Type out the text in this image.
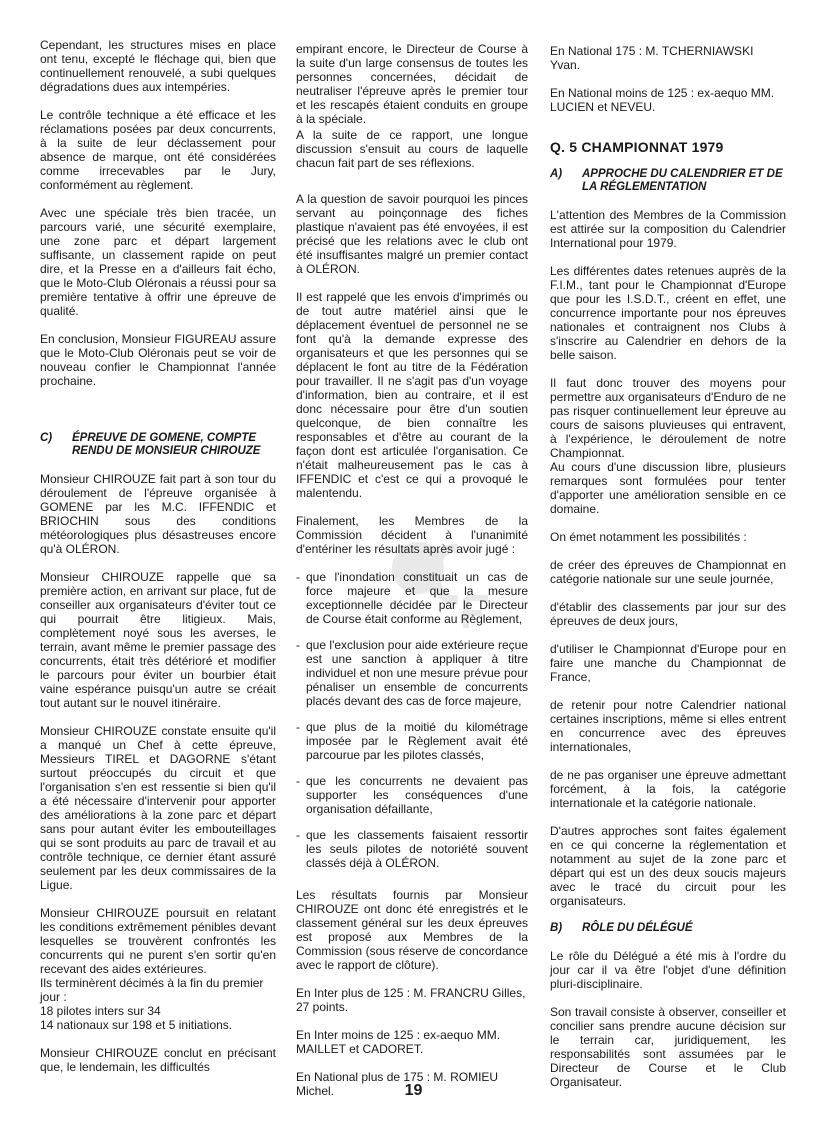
Cependant, les structures mises en place ont tenu, excepté le fléchage qui, bien que continuellement renouvelé, a subi quelques dégradations dues aux intempéries.

Le contrôle technique a été efficace et les réclamations posées par deux concurrents, à la suite de leur déclassement pour absence de marque, ont été considérées comme irrecevables par le Jury, conformément au règlement.

Avec une spéciale très bien tracée, un parcours varié, une sécurité exemplaire, une zone parc et départ largement suffisante, un classement rapide on peut dire, et la Presse en a d'ailleurs fait écho, que le Moto-Club Oléronais a réussi pour sa première tentative à offrir une épreuve de qualité.

En conclusion, Monsieur FIGUREAU assure que le Moto-Club Oléronais peut se voir de nouveau confier le Championnat l'année prochaine.

C)	ÉPREUVE DE GOMENE, COMPTE RENDU DE MONSIEUR CHIROUZE

Monsieur CHIROUZE fait part à son tour du déroulement de l'épreuve organisée à GOMENE par les M.C. IFFENDIC et BRIOCHIN sous des conditions météorologiques plus désastreuses encore qu'à OLÉRON.

Monsieur CHIROUZE rappelle que sa première action, en arrivant sur place, fut de conseiller aux organisateurs d'éviter tout ce qui pourrait être litigieux. Mais, complètement noyé sous les averses, le terrain, avant même le premier passage des concurrents, était très détérioré et modifier le parcours pour éviter un bourbier était vaine espérance puisqu'un autre se créait tout autant sur le nouvel itinéraire.

Monsieur CHIROUZE constate ensuite qu'il a manqué un Chef à cette épreuve, Messieurs TIREL et DAGORNE s'étant surtout préoccupés du circuit et que l'organisation s'en est ressentie si bien qu'il a été nécessaire d'intervenir pour apporter des améliorations à la zone parc et départ sans pour autant éviter les embouteillages qui se sont produits au parc de travail et au contrôle technique, ce dernier étant assuré seulement par les deux commissaires de la Ligue.

Monsieur CHIROUZE poursuit en relatant les conditions extrêmement pénibles devant lesquelles se trouvèrent confrontés les concurrents qui ne purent s'en sortir qu'en recevant des aides extérieures.

Ils terminèrent décimés à la fin du premier jour :

18 pilotes inters sur 34

14 nationaux sur 198 et 5 initiations.

Monsieur CHIROUZE conclut en précisant que, le lendemain, les difficultés

empirant encore, le Directeur de Course à la suite d'un large consensus de toutes les personnes concernées, décidait de neutraliser l'épreuve après le premier tour et les rescapés étaient conduits en groupe à la spéciale.

A la suite de ce rapport, une longue discussion s'ensuit au cours de laquelle chacun fait part de ses réflexions.

A la question de savoir pourquoi les pinces servant au poinçonnage des fiches plastique n'avaient pas été envoyées, il est précisé que les relations avec le club ont été insuffisantes malgré un premier contact à OLÉRON.

Il est rappelé que les envois d'imprimés ou de tout autre matériel ainsi que le déplacement éventuel de personnel ne se font qu'à la demande expresse des organisateurs et que les personnes qui se déplacent le font au titre de la Fédération pour travailler. Il ne s'agit pas d'un voyage d'information, bien au contraire, et il est donc nécessaire pour être d'un soutien quelconque, de bien connaître les responsables et d'être au courant de la façon dont est articulée l'organisation. Ce n'était malheureusement pas le cas à IFFENDIC et c'est ce qui a provoqué le malentendu.

Finalement, les Membres de la Commission décident à l'unanimité d'entériner les résultats après avoir jugé :

- que l'inondation constituait un cas de force majeure et que la mesure exceptionnelle décidée par le Directeur de Course était conforme au Règlement,
- que l'exclusion pour aide extérieure reçue est une sanction à appliquer à titre individuel et non une mesure prévue pour pénaliser un ensemble de concurrents placés devant des cas de force majeure,
- que plus de la moitié du kilométrage imposée par le Règlement avait été parcourue par les pilotes classés,
- que les concurrents ne devaient pas supporter les conséquences d'une organisation défaillante,
- que les classements faisaient ressortir les seuls pilotes de notoriété souvent classés déjà à OLÉRON.

Les résultats fournis par Monsieur CHIROUZE ont donc été enregistrés et le classement général sur les deux épreuves est proposé aux Membres de la Commission (sous réserve de concordance avec le rapport de clôture).

En Inter plus de 125 : M. FRANCRU Gilles, 27 points.

En Inter moins de 125 : ex-aequo MM. MAILLET et CADORET.

En National plus de 175 : M. ROMIEU Michel.

En National 175 : M. TCHERNIAWSKI Yvan.

En National moins de 125 : ex-aequo MM. LUCIEN et NEVEU.

Q. 5 CHAMPIONNAT 1979
A)	APPROCHE DU CALENDRIER ET DE LA RÉGLEMENTATION

L'attention des Membres de la Commission est attirée sur la composition du Calendrier International pour 1979.

Les différentes dates retenues auprès de la F.I.M., tant pour le Championnat d'Europe que pour les I.S.D.T., créent en effet, une concurrence importante pour nos épreuves nationales et contraignent nos Clubs à s'inscrire au Calendrier en dehors de la belle saison.

Il faut donc trouver des moyens pour permettre aux organisateurs d'Enduro de ne pas risquer continuellement leur épreuve au cours de saisons pluvieuses qui entravent, à l'expérience, le déroulement de notre Championnat.

Au cours d'une discussion libre, plusieurs remarques sont formulées pour tenter d'apporter une amélioration sensible en ce domaine.

On émet notamment les possibilités :

de créer des épreuves de Championnat en catégorie nationale sur une seule journée,

d'établir des classements par jour sur des épreuves de deux jours,

d'utiliser le Championnat d'Europe pour en faire une manche du Championnat de France,

de retenir pour notre Calendrier national certaines inscriptions, même si elles entrent en concurrence avec des épreuves internationales,

de ne pas organiser une épreuve admettant forcément, à la fois, la catégorie internationale et la catégorie nationale.

D'autres approches sont faites également en ce qui concerne la réglementation et notamment au sujet de la zone parc et départ qui est un des deux soucis majeurs avec le tracé du circuit pour les organisateurs.

B)	RÔLE DU DÉLÉGUÉ

Le rôle du Délégué a été mis à l'ordre du jour car il va être l'objet d'une définition pluri-disciplinaire.

Son travail consiste à observer, conseiller et concilier sans prendre aucune décision sur le terrain car, juridiquement, les responsabilités sont assumées par le Directeur de Course et le Club Organisateur.

19
